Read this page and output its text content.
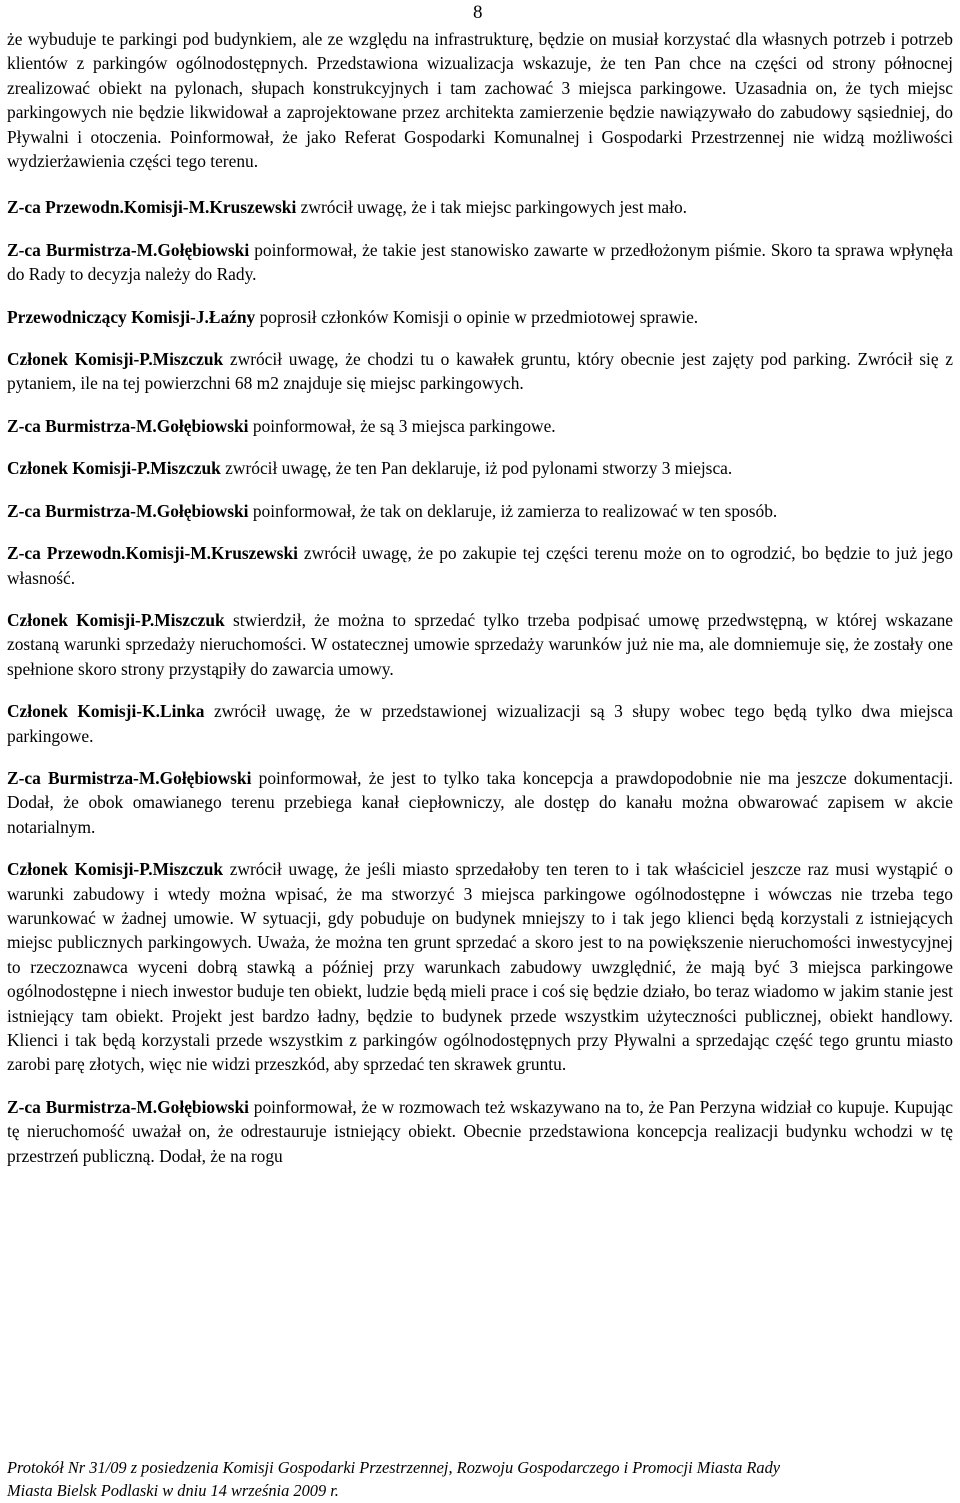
8

że wybuduje te parkingi pod budynkiem, ale ze względu na infrastrukturę, będzie on musiał korzystać dla własnych potrzeb i potrzeb klientów z parkingów ogólnodostępnych. Przedstawiona wizualizacja wskazuje, że ten Pan chce na części od strony północnej zrealizować obiekt na pylonach, słupach konstrukcyjnych i tam zachować 3 miejsca parkingowe. Uzasadnia on, że tych miejsc parkingowych nie będzie likwidował a zaprojektowane przez architekta zamierzenie będzie nawiązywało do zabudowy sąsiedniej, do Pływalni i otoczenia. Poinformował, że jako Referat Gospodarki Komunalnej i Gospodarki Przestrzennej nie widzą możliwości wydzierżawienia części tego terenu.

Z-ca Przewodn.Komisji-M.Kruszewski zwrócił uwagę, że i tak miejsc parkingowych jest mało.

Z-ca Burmistrza-M.Gołębiowski poinformował, że takie jest stanowisko zawarte w przedłożonym piśmie. Skoro ta sprawa wpłynęła do Rady to decyzja należy do Rady.

Przewodniczący Komisji-J.Łaźny poprosił członków Komisji o opinie w przedmiotowej sprawie.

Członek Komisji-P.Miszczuk zwrócił uwagę, że chodzi tu o kawałek gruntu, który obecnie jest zajęty pod parking. Zwrócił się z pytaniem, ile na tej powierzchni 68 m2 znajduje się miejsc parkingowych.

Z-ca Burmistrza-M.Gołębiowski poinformował, że są 3 miejsca parkingowe.

Członek Komisji-P.Miszczuk zwrócił uwagę, że ten Pan deklaruje, iż pod pylonami stworzy 3 miejsca.

Z-ca Burmistrza-M.Gołębiowski poinformował, że tak on deklaruje, iż zamierza to realizować w ten sposób.

Z-ca Przewodn.Komisji-M.Kruszewski zwrócił uwagę, że po zakupie tej części terenu może on to ogrodzić, bo będzie to już jego własność.

Członek Komisji-P.Miszczuk stwierdził, że można to sprzedać tylko trzeba podpisać umowę przedwstępną, w której wskazane zostaną warunki sprzedaży nieruchomości. W ostatecznej umowie sprzedaży warunków już nie ma, ale domniemuje się, że zostały one spełnione skoro strony przystąpiły do zawarcia umowy.

Członek Komisji-K.Linka zwrócił uwagę, że w przedstawionej wizualizacji są 3 słupy wobec tego będą tylko dwa miejsca parkingowe.

Z-ca Burmistrza-M.Gołębiowski poinformował, że jest to tylko taka koncepcja a prawdopodobnie nie ma jeszcze dokumentacji. Dodał, że obok omawianego terenu przebiega kanał ciepłowniczy, ale dostęp do kanału można obwarować zapisem w akcie notarialnym.

Członek Komisji-P.Miszczuk zwrócił uwagę, że jeśli miasto sprzedałoby ten teren to i tak właściciel jeszcze raz musi wystąpić o warunki zabudowy i wtedy można wpisać, że ma stworzyć 3 miejsca parkingowe ogólnodostępne i wówczas nie trzeba tego warunkować w żadnej umowie. W sytuacji, gdy pobuduje on budynek mniejszy to i tak jego klienci będą korzystali z istniejących miejsc publicznych parkingowych. Uważa, że można ten grunt sprzedać a skoro jest to na powiększenie nieruchomości inwestycyjnej to rzeczoznawca wyceni dobrą stawką a później przy warunkach zabudowy uwzględnić, że mają być 3 miejsca parkingowe ogólnodostępne i niech inwestor buduje ten obiekt, ludzie będą mieli prace i coś się będzie działo, bo teraz wiadomo w jakim stanie jest istniejący tam obiekt. Projekt jest bardzo ładny, będzie to budynek przede wszystkim użyteczności publicznej, obiekt handlowy. Klienci i tak będą korzystali przede wszystkim z parkingów ogólnodostępnych przy Pływalni a sprzedając część tego gruntu miasto zarobi parę złotych, więc nie widzi przeszkód, aby sprzedać ten skrawek gruntu.

Z-ca Burmistrza-M.Gołębiowski poinformował, że w rozmowach też wskazywano na to, że Pan Perzyna widział co kupuje. Kupując tę nieruchomość uważał on, że odrestauruje istniejący obiekt. Obecnie przedstawiona koncepcja realizacji budynku wchodzi w tę przestrzeń publiczną. Dodał, że na rogu

Protokół Nr 31/09 z posiedzenia Komisji Gospodarki Przestrzennej, Rozwoju Gospodarczego i Promocji Miasta Rady
Miasta Bielsk Podlaski w dniu 14 września 2009 r.
